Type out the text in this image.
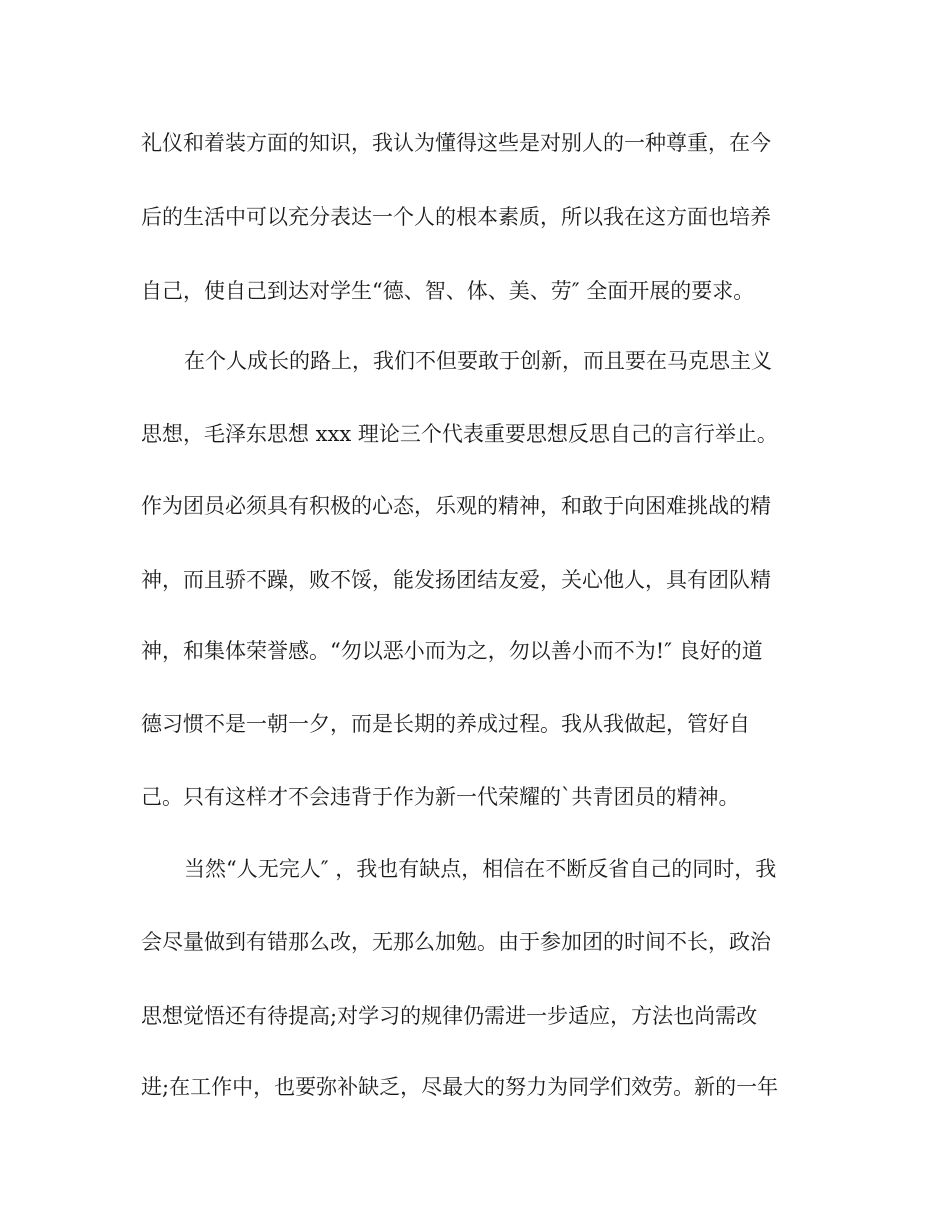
礼仪和着装方面的知识，我认为懂得这些是对别人的一种尊重，在今
后的生活中可以充分表达一个人的根本素质，所以我在这方面也培养
自己，使自己到达对学生“德、智、体、美、劳″ 全面开展的要求。
在个人成长的路上，我们不但要敢于创新，而且要在马克思主义
思想，毛泽东思想 xxx 理论三个代表重要思想反思自己的言行举止。
作为团员必须具有积极的心态，乐观的精神，和敢于向困难挑战的精
神，而且骄不躁，败不馁，能发扬团结友爱，关心他人，具有团队精
神，和集体荣誉感。“勿以恶小而为之，勿以善小而不为!″ 良好的道
德习惯不是一朝一夕，而是长期的养成过程。我从我做起，管好自
己。只有这样才不会违背于作为新一代荣耀的`共青团员的精神。
当然“人无完人″ ，我也有缺点，相信在不断反省自己的同时，我
会尽量做到有错那么改，无那么加勉。由于参加团的时间不长，政治
思想觉悟还有待提高;对学习的规律仍需进一步适应，方法也尚需改
进;在工作中，也要弥补缺乏，尽最大的努力为同学们效劳。新的一年
